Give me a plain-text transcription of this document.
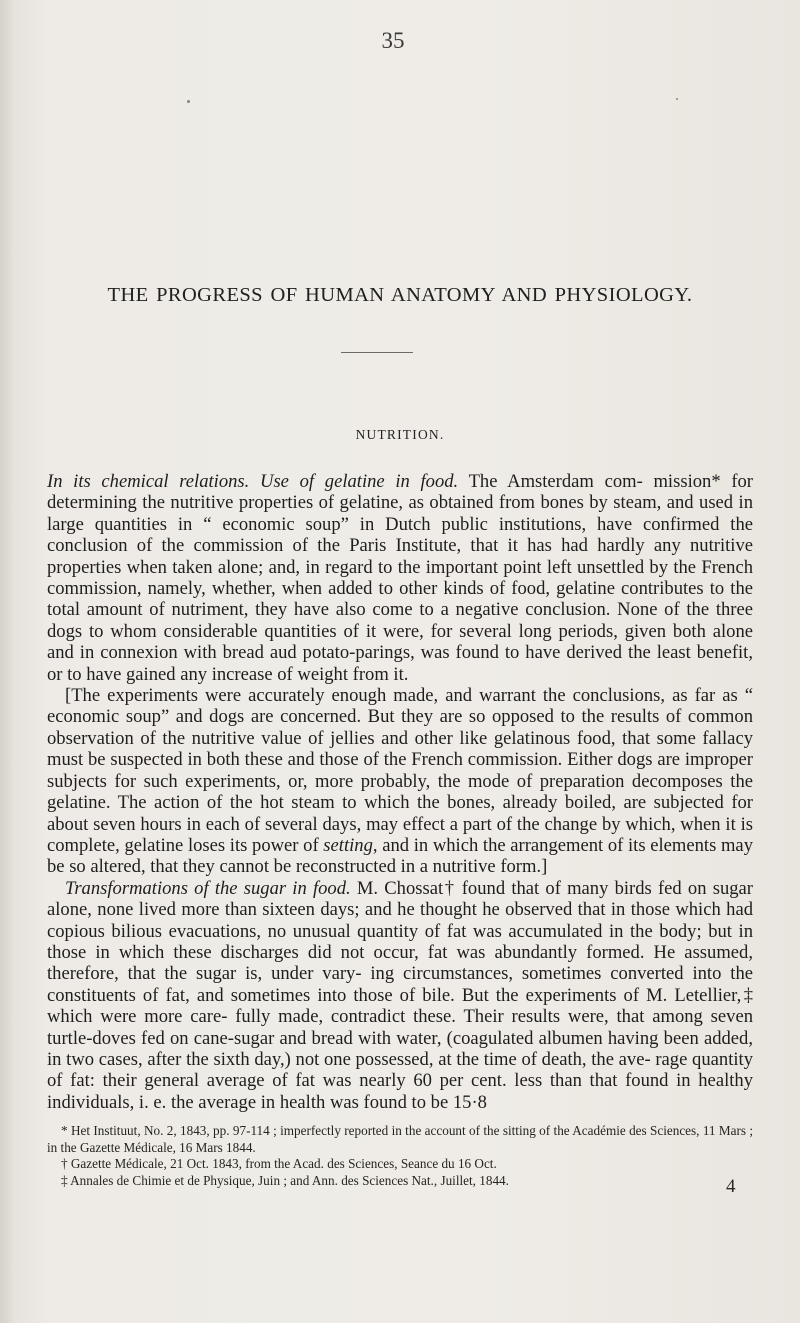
35
THE PROGRESS OF HUMAN ANATOMY AND PHYSIOLOGY.
NUTRITION.

In its chemical relations. Use of gelatine in food. The Amsterdam com- mission* for determining the nutritive properties of gelatine, as obtained from bones by steam, and used in large quantities in “ economic soup” in Dutch public institutions, have confirmed the conclusion of the commission of the Paris Institute, that it has had hardly any nutritive properties when taken alone; and, in regard to the important point left unsettled by the French commission, namely, whether, when added to other kinds of food, gelatine contributes to the total amount of nutriment, they have also come to a negative conclusion. None of the three dogs to whom considerable quantities of it were, for several long periods, given both alone and in connexion with bread aud potato-parings, was found to have derived the least benefit, or to have gained any increase of weight from it.

[The experiments were accurately enough made, and warrant the conclusions, as far as “ economic soup” and dogs are concerned. But they are so opposed to the results of common observation of the nutritive value of jellies and other like gelatinous food, that some fallacy must be suspected in both these and those of the French commission. Either dogs are improper subjects for such experiments, or, more probably, the mode of preparation decomposes the gelatine. The action of the hot steam to which the bones, already boiled, are subjected for about seven hours in each of several days, may effect a part of the change by which, when it is complete, gelatine loses its power of setting, and in which the arrangement of its elements may be so altered, that they cannot be reconstructed in a nutritive form.]

Transformations of the sugar in food. M. Chossat† found that of many birds fed on sugar alone, none lived more than sixteen days; and he thought he observed that in those which had copious bilious evacuations, no unusual quantity of fat was accumulated in the body; but in those in which these discharges did not occur, fat was abundantly formed. He assumed, therefore, that the sugar is, under vary- ing circumstances, sometimes converted into the constituents of fat, and sometimes into those of bile. But the experiments of M. Letellier,‡ which were more care- fully made, contradict these. Their results were, that among seven turtle-doves fed on cane-sugar and bread with water, (coagulated albumen having been added, in two cases, after the sixth day,) not one possessed, at the time of death, the ave- rage quantity of fat: their general average of fat was nearly 60 per cent. less than that found in healthy individuals, i. e. the average in health was found to be 15·8

* Het Instituut, No. 2, 1843, pp. 97-114 ; imperfectly reported in the account of the sitting of the Académie des Sciences, 11 Mars ; in the Gazette Médicale, 16 Mars 1844.

† Gazette Médicale, 21 Oct. 1843, from the Acad. des Sciences, Seance du 16 Oct.

‡ Annales de Chimie et de Physique, Juin ; and Ann. des Sciences Nat., Juillet, 1844.	4
